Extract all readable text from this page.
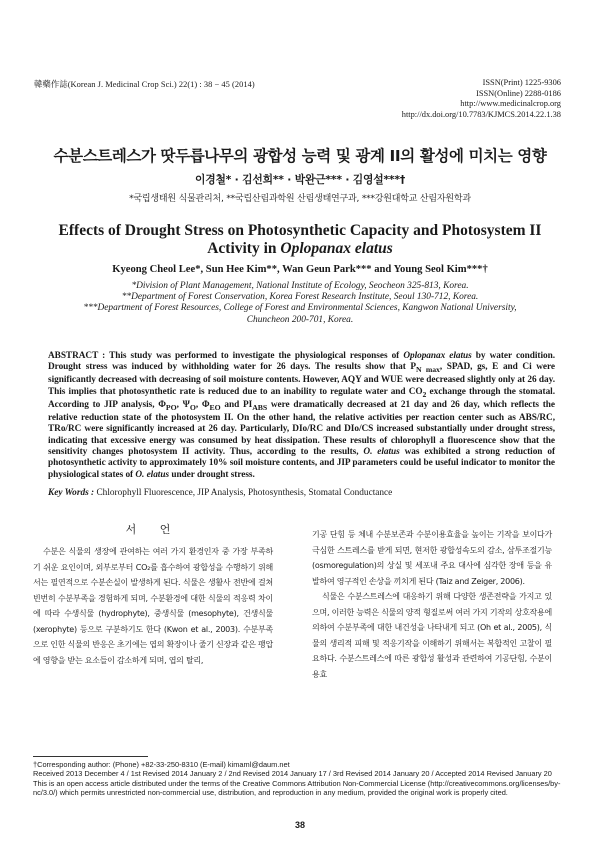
韓藥作誌(Korean J. Medicinal Crop Sci.) 22(1) : 38 − 45 (2014)	ISSN(Print) 1225-9306
ISSN(Online) 2288-0186
http://www.medicinalcrop.org
http://dx.doi.org/10.7783/KJMCS.2014.22.1.38
수분스트레스가 땃두릅나무의 광합성 능력 및 광계 II의 활성에 미치는 영향
이경철* · 김선희** · 박완근*** · 김영설***†
*국립생태원 식물관리처, **국립산림과학원 산림생태연구과, ***강원대학교 산림자원학과
Effects of Drought Stress on Photosynthetic Capacity and Photosystem II
Activity in Oplopanax elatus
Kyeong Cheol Lee*, Sun Hee Kim**, Wan Geun Park*** and Young Seol Kim***†
*Division of Plant Management, National Institute of Ecology, Seocheon 325-813, Korea.
**Department of Forest Conservation, Korea Forest Research Institute, Seoul 130-712, Korea.
***Department of Forest Resources, College of Forest and Environmental Sciences, Kangwon National University,
Chuncheon 200-701, Korea.
ABSTRACT : This study was performed to investigate the physiological responses of Oplopanax elatus by water condition. Drought stress was induced by withholding water for 26 days. The results show that $P_{N max}$, SPAD, gs, E and Ci were significantly decreased with decreasing of soil moisture contents. However, AQY and WUE were decreased slightly only at 26 day. This implies that photosynthetic rate is reduced due to an inability to regulate water and $CO_2$ exchange through the stomatal. According to JIP analysis, $\Phi_{PO}$, $\Psi_O$, $\Phi_{EO}$ and $PI_{ABS}$ were dramatically decreased at 21 day and 26 day, which reflects the relative reduction state of the photosystem II. On the other hand, the relative activities per reaction center such as ABS/RC, TRo/RC were significantly increased at 26 day. Particularly, DIo/RC and DIo/CS increased substantially under drought stress, indicating that excessive energy was consumed by heat dissipation. These results of chlorophyll a fluorescence show that the sensitivity changes photosystem II activity. Thus, according to the results, O. elatus was exhibited a strong reduction of photosynthetic activity to approximately 10% soil moisture contents, and JIP parameters could be useful indicator to monitor the physiological states of O. elatus under drought stress.
Key Words : Chlorophyll Fluorescence, JIP Analysis, Photosynthesis, Stomatal Conductance
서 언

수분은 식물의 생장에 관여하는 여러 가지 환경인자 중 가장 부족하기 쉬운 요인이며, 외부로부터 CO₂를 흡수하여 광합성을 수행하기 위해서는 필연적으로 수분손실이 발생하게 된다. 식물은 생활사 전반에 걸쳐 빈번히 수분부족을 경험하게 되며, 수분환경에 대한 식물의 적응력 차이에 따라 수생식물 (hydrophyte), 중생식물 (mesophyte), 건생식물 (xerophyte) 등으로 구분하기도 한다 (Kwon et al., 2003). 수분부족으로 인한 식물의 반응은 초기에는 엽의 확장이나 줄기 신장과 같은 팽압에 영향을 받는 요소들이 감소하게 되며, 엽의 탈리,

기공 단힘 등 체내 수분보존과 수분이용효율을 높이는 기작을 보이다가 극심한 스트레스를 받게 되면, 현저한 광합성속도의 감소, 삼투조절기능 (osmoregulation)의 상실 및 세포내 주요 대사에 심각한 장애 등을 유발하여 영구적인 손상을 끼치게 된다 (Taiz and Zeiger, 2006).

식물은 수분스트레스에 대응하기 위해 다양한 생존전략을 가지고 있으며, 이러한 능력은 식물의 양적 형질로써 여러 가지 기작의 상호작용에 의하여 수분부족에 대한 내건성을 나타내게 되고 (Oh et al., 2005), 식물의 생리적 피해 및 적응기작을 이해하기 위해서는 복합적인 고찰이 필요하다. 수분스트레스에 따른 광합성 활성과 관련하여 기공단힘, 수분이용효

†Corresponding author: (Phone) +82-33-250-8310 (E-mail) kimaml@daum.net

Received 2013 December 4 / 1st Revised 2014 January 2 / 2nd Revised 2014 January 17 / 3rd Revised 2014 January 20 / Accepted 2014 Revised January 20

This is an open access article distributed under the terms of the Creative Commons Attribution Non-Commercial License (http://creativecommons.org/licenses/by-nc/3.0/) which permits unrestricted non-commercial use, distribution, and reproduction in any medium, provided the original work is properly cited.

38
